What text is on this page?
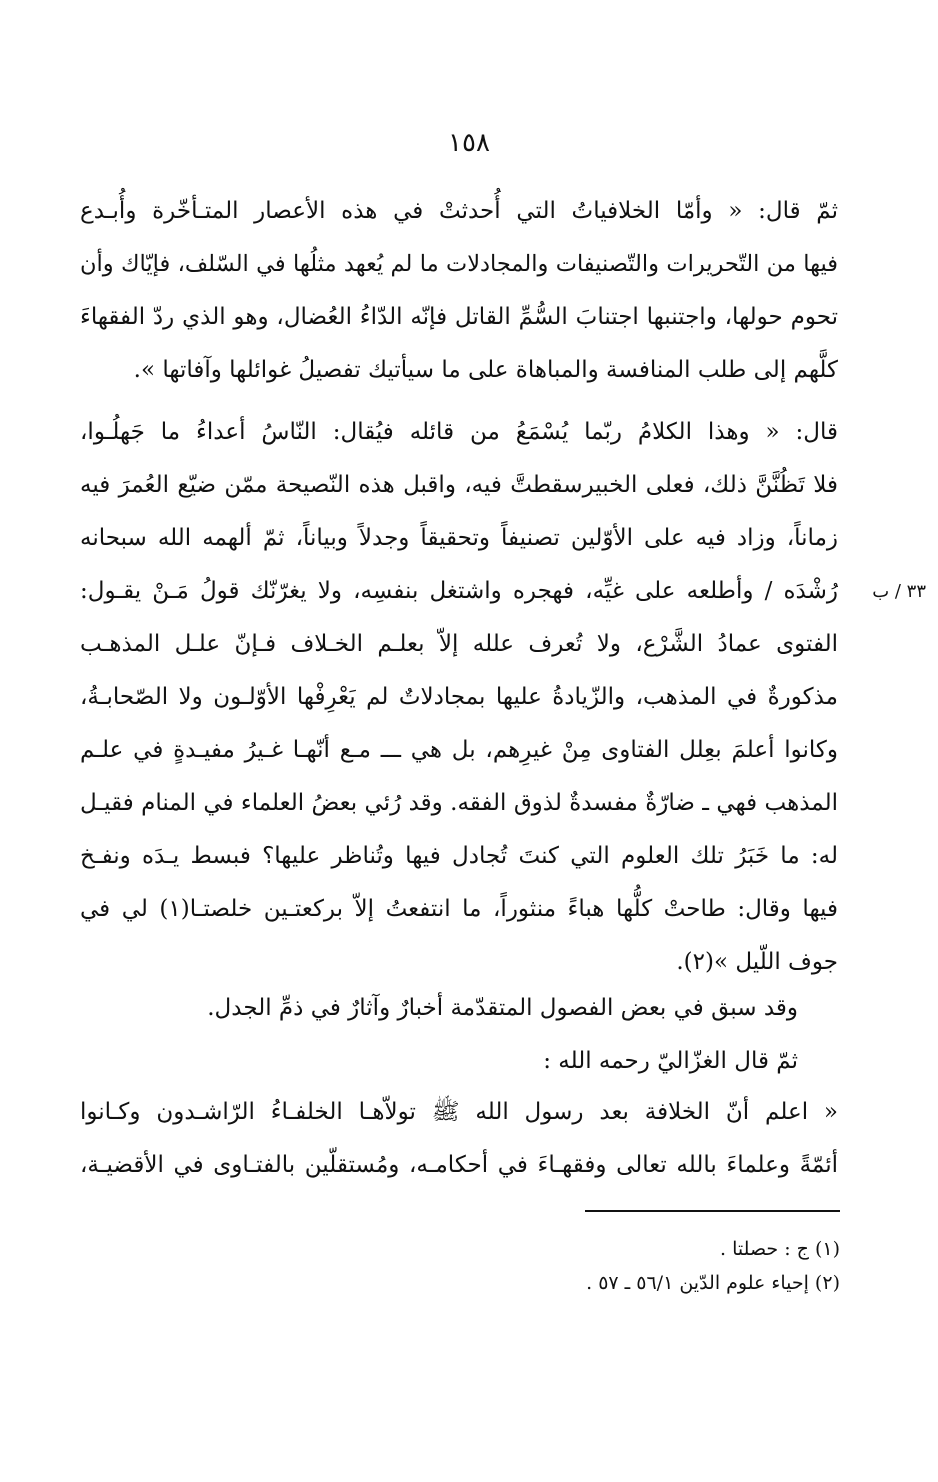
١٥٨
ثمّ قال: « وأمّا الخلافياتُ التي أُحدثتْ في هذه الأعصار المتـأخّرة وأُبـدع
فيها من التّحريرات والتّصنيفات والمجادلات ما لم يُعهد مثلُها في السّلف، فإيّاك وأن
تحوم حولها، واجتنبها اجتنابَ السُّمِّ القاتل فإنّه الدّاءُ العُضال، وهو الذي ردّ الفقهاءَ
كلَّهم إلى طلب المنافسة والمباهاة على ما سيأتيك تفصيلُ غوائلها وآفاتها ».
قال: « وهذا الكلامُ ربّما يُسْمَعُ من قائله فيُقال: النّاسُ أعداءُ ما جَهلُـوا،
فلا تَظُنَّنَّ ذلك، فعلى الخبيرسقطتَّ فيه، واقبل هذه النّصيحة ممّن ضيّع العُمرَ فيه
زماناً، وزاد فيه على الأوّلين تصنيفاً وتحقيقاً وجدلاً وبياناً، ثمّ ألهمه الله سبحانه
رُشْدَه / وأطلعه على غيِّه، فهجره واشتغل بنفسِه، ولا يغرّنّك قولُ مَـنْ يقـول:
الفتوى عمادُ الشَّرْع، ولا تُعرف علله إلاّ بعلـم الخـلاف فـإنّ علـل المذهـب
مذكورةٌ في المذهب، والزّيادةُ عليها بمجادلاتٌ لم يَعْرِفْها الأوّلـون ولا الصّحابـةُ،
وكانوا أعلمَ بعِلل الفتاوى مِنْ غيرِهم، بل هي ـــ مـع أنّهـا غـيرُ مفيـدةٍ في علـم
المذهب فهي ـ ضارّةٌ مفسدةٌ لذوق الفقه. وقد رُئي بعضُ العلماء في المنام فقيـل
له: ما خَبَرُ تلك العلوم التي كنتَ تُجادل فيها وتُناظر عليها؟ فبسط يـدَه ونفـخ
فيها وقال: طاحتْ كلُّها هباءً منثوراً، ما انتفعتُ إلاّ بركعتـين خلصتـا(١) لي في
جوف اللّيل »(٢).
٣٣ / ب
وقد سبق في بعض الفصول المتقدّمة أخبارٌ وآثارٌ في ذمِّ الجدل.
ثمّ قال الغزّاليّ رحمه الله :
« اعلم أنّ الخلافة بعد رسول الله ﷺ تولاّهـا الخلفـاءُ الرّاشـدون وكـانوا
أئمّةً وعلماءَ بالله تعالى وفقهـاءَ في أحكامـه، ومُستقلّين بالفتـاوى في الأقضيـة،
(١) ج : حصلتا .
(٢) إحياء علوم الدّين ٥٦/١ ـ ٥٧ .
